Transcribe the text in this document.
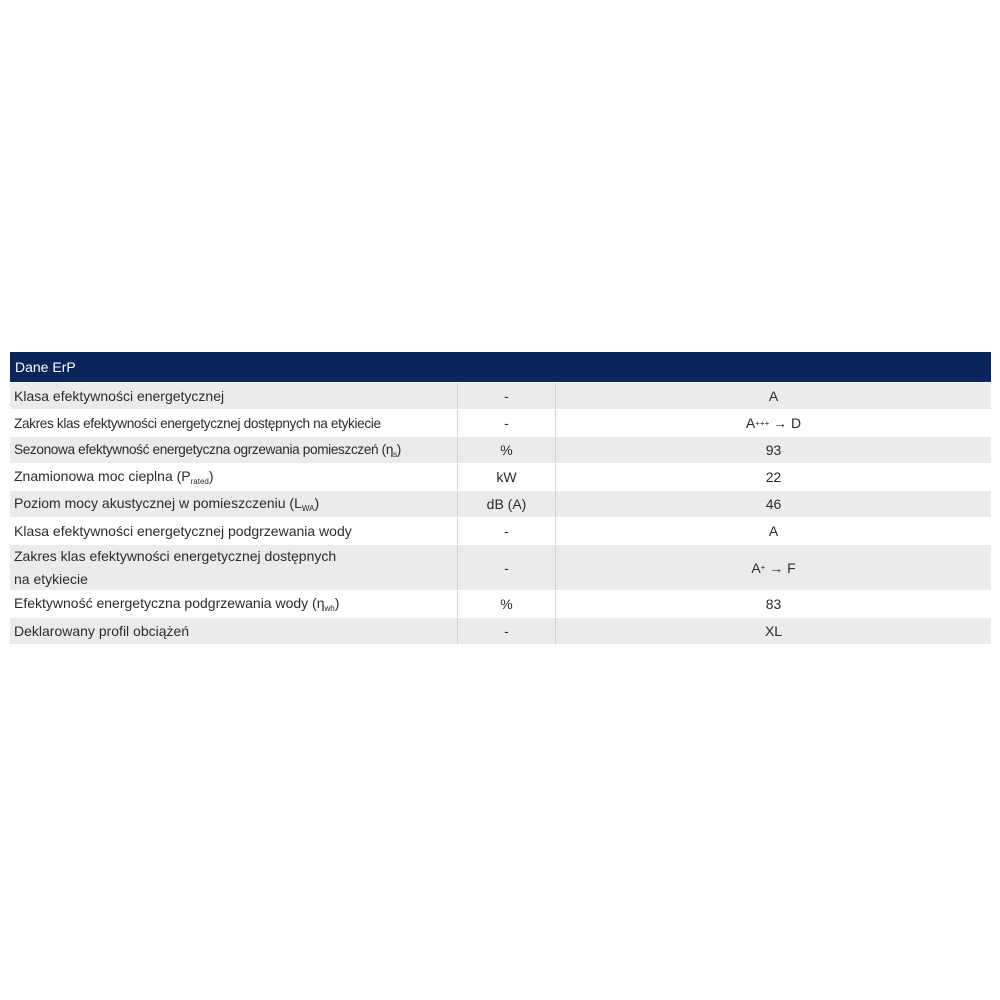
Dane ErP
Klasa efektywności energetycznej	-	A
Zakres klas efektywności energetycznej dostępnych na etykiecie	-	A +++ → D
Sezonowa efektywność energetyczna ogrzewania pomieszczeń $(\eta_s)$	%	93
Znamionowa moc cieplna $(P_{rated})$	kW	22
Poziom mocy akustycznej w pomieszczeniu $(L_{WA})$	dB (A)	46
Klasa efektywności energetycznej podgrzewania wody	-	A
Zakres klas efektywności energetycznej dostępnych
na etykiecie
-	A + → F
Efektywność energetyczna podgrzewania wody $(\eta_{wh})$	%	83
Deklarowany profil obciążeń	-	XL
